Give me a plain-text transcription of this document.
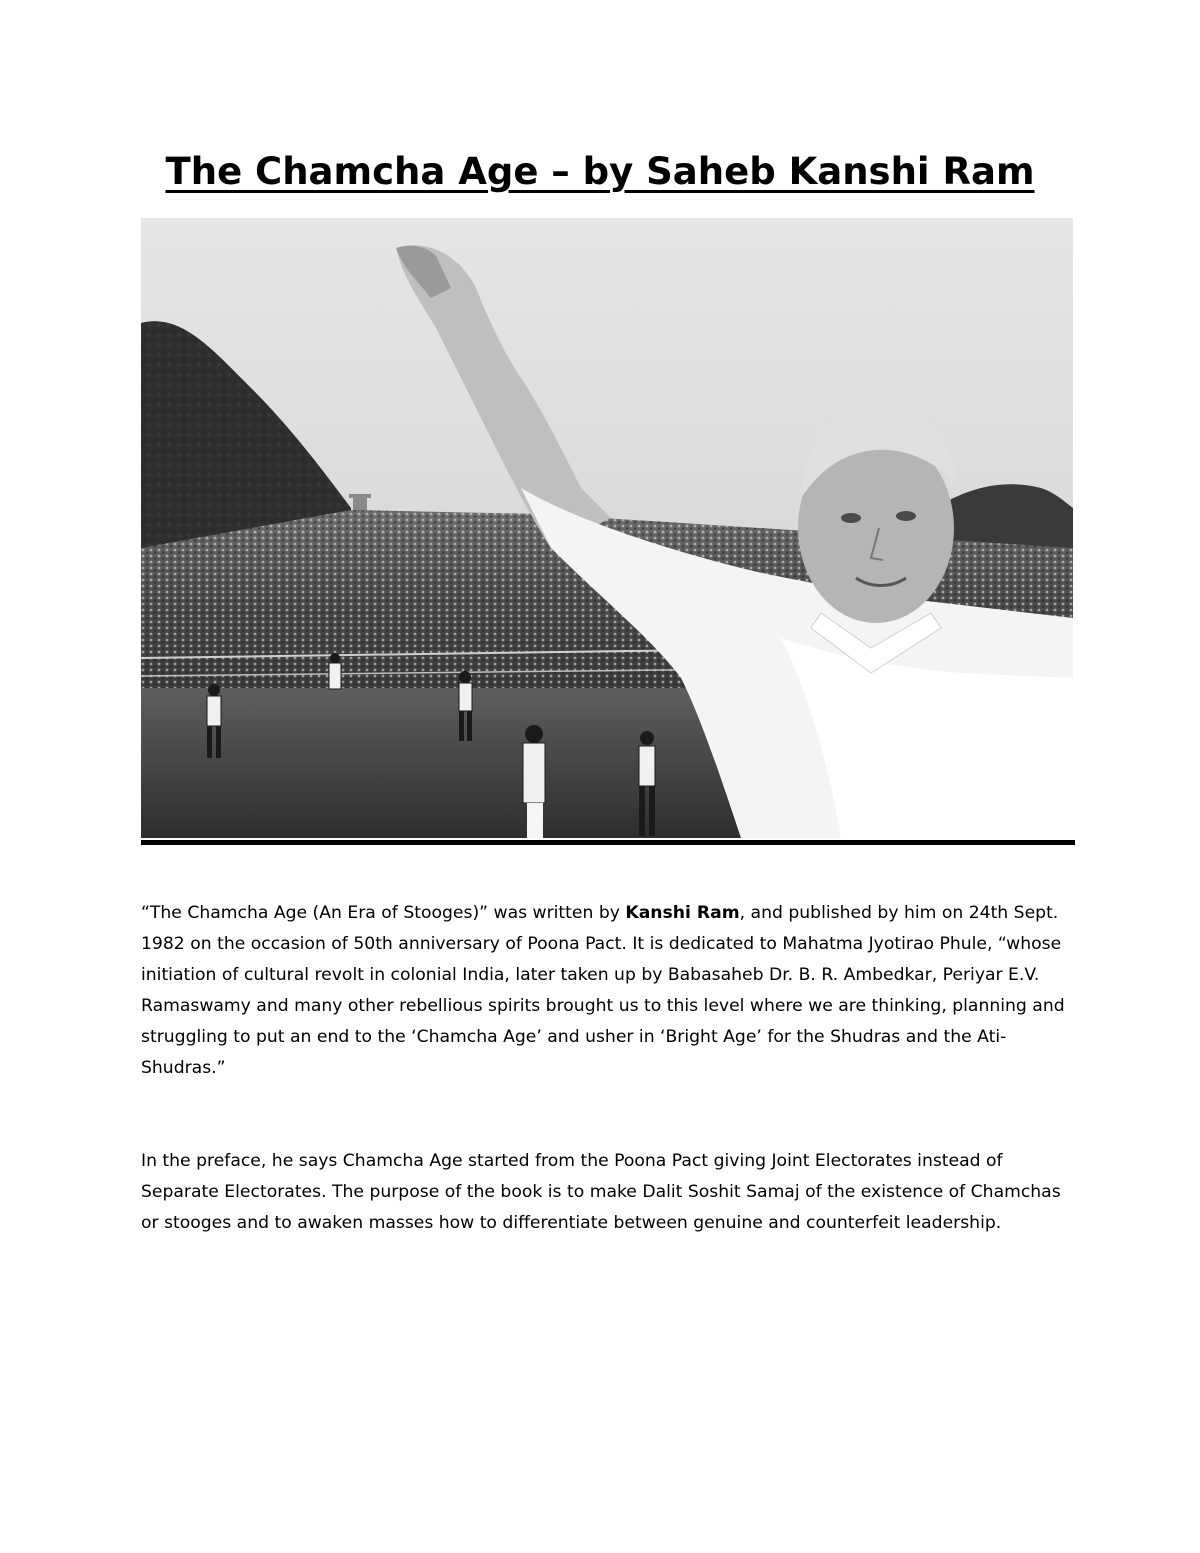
The Chamcha Age – by Saheb Kanshi Ram

“The Chamcha Age (An Era of Stooges)” was written by Kanshi Ram, and published by him on 24th Sept. 1982 on the occasion of 50th anniversary of Poona Pact. It is dedicated to Mahatma Jyotirao Phule, “whose initiation of cultural revolt in colonial India, later taken up by Babasaheb Dr. B. R. Ambedkar, Periyar E.V. Ramaswamy and many other rebellious spirits brought us to this level where we are thinking, planning and struggling to put an end to the ‘Chamcha Age’ and usher in ‘Bright Age’ for the Shudras and the Ati-Shudras.”

In the preface, he says Chamcha Age started from the Poona Pact giving Joint Electorates instead of Separate Electorates. The purpose of the book is to make Dalit Soshit Samaj of the existence of Chamchas or stooges and to awaken masses how to differentiate between genuine and counterfeit leadership.
